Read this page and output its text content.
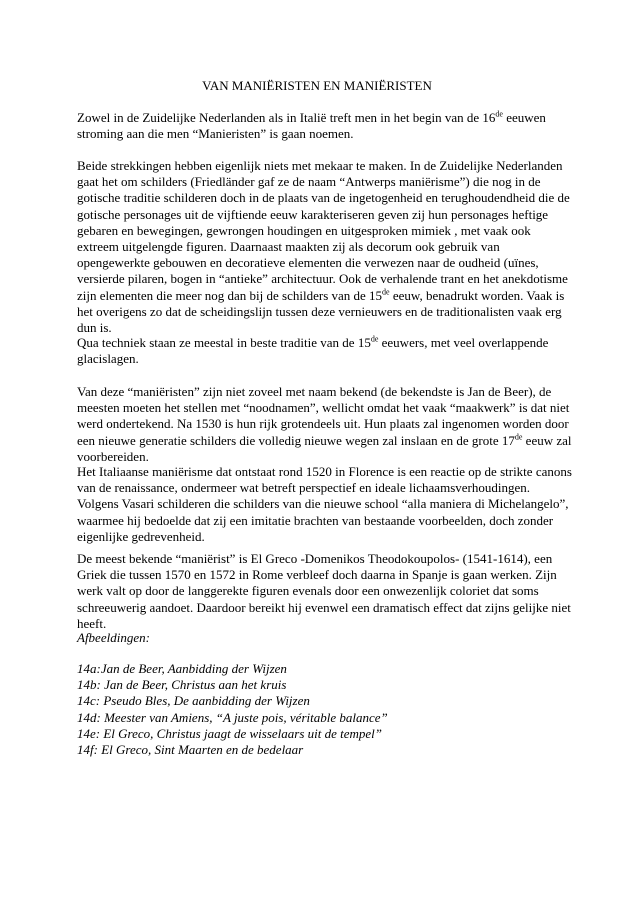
VAN MANIËRISTEN EN MANIËRISTEN

Zowel in de Zuidelijke Nederlanden als in Italië treft men in het begin van de 16de eeuwen stroming aan die men “Manieristen” is gaan noemen.

Beide strekkingen hebben eigenlijk niets met mekaar te maken. In de Zuidelijke Nederlanden gaat het om schilders (Friedländer gaf ze de naam “Antwerps maniërisme”) die nog in de gotische traditie schilderen doch in de plaats van de ingetogenheid en terughoudendheid die de gotische personages uit de vijftiende eeuw karakteriseren geven zij hun personages heftige gebaren en bewegingen, gewrongen houdingen en uitgesproken mimiek , met vaak ook extreem uitgelengde figuren. Daarnaast maakten zij als decorum ook gebruik van opengewerkte gebouwen en decoratieve elementen die verwezen naar de oudheid (uïnes, versierde pilaren, bogen in “antieke” architectuur. Ook de verhalende trant en het anekdotisme zijn elementen die meer nog dan bij de schilders van de 15de eeuw, benadrukt worden. Vaak is het overigens zo dat de scheidingslijn tussen deze vernieuwers en de traditionalisten vaak erg dun is.

Qua techniek staan ze meestal in beste traditie van de 15de eeuwers, met veel overlappende glacislagen.

Van deze “maniëristen” zijn niet zoveel met naam bekend (de bekendste is Jan de Beer), de meesten moeten het stellen met “noodnamen”, wellicht omdat het vaak “maakwerk” is dat niet werd ondertekend. Na 1530 is hun rijk grotendeels uit. Hun plaats zal ingenomen worden door een nieuwe generatie schilders die volledig nieuwe wegen zal inslaan en de grote 17de eeuw zal voorbereiden.

Het Italiaanse maniërisme dat ontstaat rond 1520 in Florence is een reactie op de strikte canons van de renaissance, ondermeer wat betreft perspectief en ideale lichaamsverhoudingen. Volgens Vasari schilderen die schilders van die nieuwe school “alla maniera di Michelangelo”, waarmee hij bedoelde dat zij een imitatie brachten van bestaande voorbeelden, doch zonder eigenlijke gedrevenheid.

De meest bekende “maniërist” is El Greco -Domenikos Theodokoupolos- (1541-1614), een Griek die tussen 1570 en 1572 in Rome verbleef doch daarna in Spanje is gaan werken. Zijn werk valt op door de langgerekte figuren evenals door een onwezenlijk coloriet dat soms schreeuwerig aandoet. Daardoor bereikt hij evenwel een dramatisch effect dat zijns gelijke niet heeft.

Afbeeldingen:

14a:Jan de Beer, Aanbidding der Wijzen
14b: Jan de Beer, Christus aan het kruis
14c: Pseudo Bles, De aanbidding der Wijzen
14d: Meester van Amiens, “A juste pois, véritable balance”
14e: El Greco, Christus jaagt de wisselaars uit de tempel”
14f: El Greco, Sint Maarten en de bedelaar
